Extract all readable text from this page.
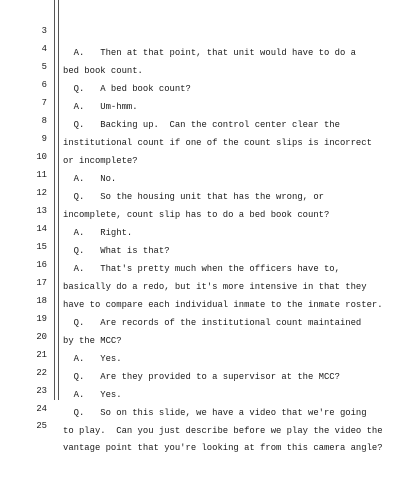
3

A.   Then at that point, that unit would have to do a

4

bed book count.

5

Q.   A bed book count?

6

A.   Um-hmm.

7

Q.   Backing up.  Can the control center clear the

8

institutional count if one of the count slips is incorrect

9

or incomplete?

10

A.   No.

11

Q.   So the housing unit that has the wrong, or

12

incomplete, count slip has to do a bed book count?

13

A.   Right.

14

Q.   What is that?

15

A.   That's pretty much when the officers have to,

16

basically do a redo, but it's more intensive in that they

17

have to compare each individual inmate to the inmate roster.

18

Q.   Are records of the institutional count maintained

19

by the MCC?

20

A.   Yes.

21

Q.   Are they provided to a supervisor at the MCC?

22

A.   Yes.

23

Q.   So on this slide, we have a video that we're going

24

to play.  Can you just describe before we play the video the

25

vantage point that you're looking at from this camera angle?
